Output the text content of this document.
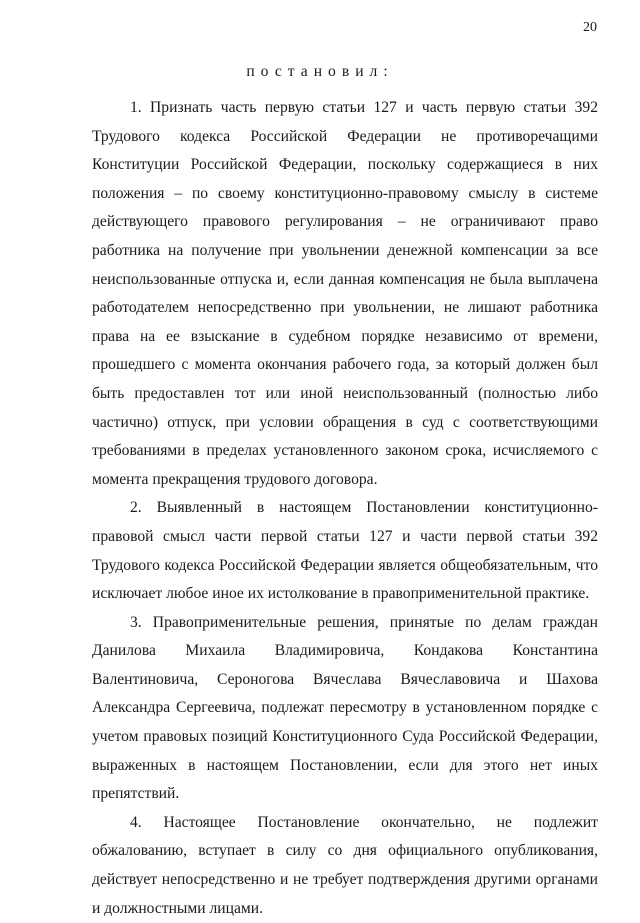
20
постановил:

1. Признать часть первую статьи 127 и часть первую статьи 392 Трудового кодекса Российской Федерации не противоречащими Конституции Российской Федерации, поскольку содержащиеся в них положения – по своему конституционно-правовому смыслу в системе действующего правового регулирования – не ограничивают право работника на получение при увольнении денежной компенсации за все неиспользованные отпуска и, если данная компенсация не была выплачена работодателем непосредственно при увольнении, не лишают работника права на ее взыскание в судебном порядке независимо от времени, прошедшего с момента окончания рабочего года, за который должен был быть предоставлен тот или иной неиспользованный (полностью либо частично) отпуск, при условии обращения в суд с соответствующими требованиями в пределах установленного законом срока, исчисляемого с момента прекращения трудового договора.

2. Выявленный в настоящем Постановлении конституционно-правовой смысл части первой статьи 127 и части первой статьи 392 Трудового кодекса Российской Федерации является общеобязательным, что исключает любое иное их истолкование в правоприменительной практике.

3. Правоприменительные решения, принятые по делам граждан Данилова Михаила Владимировича, Кондакова Константина Валентиновича, Сероногова Вячеслава Вячеславовича и Шахова Александра Сергеевича, подлежат пересмотру в установленном порядке с учетом правовых позиций Конституционного Суда Российской Федерации, выраженных в настоящем Постановлении, если для этого нет иных препятствий.

4. Настоящее Постановление окончательно, не подлежит обжалованию, вступает в силу со дня официального опубликования, действует непосредственно и не требует подтверждения другими органами и должностными лицами.
